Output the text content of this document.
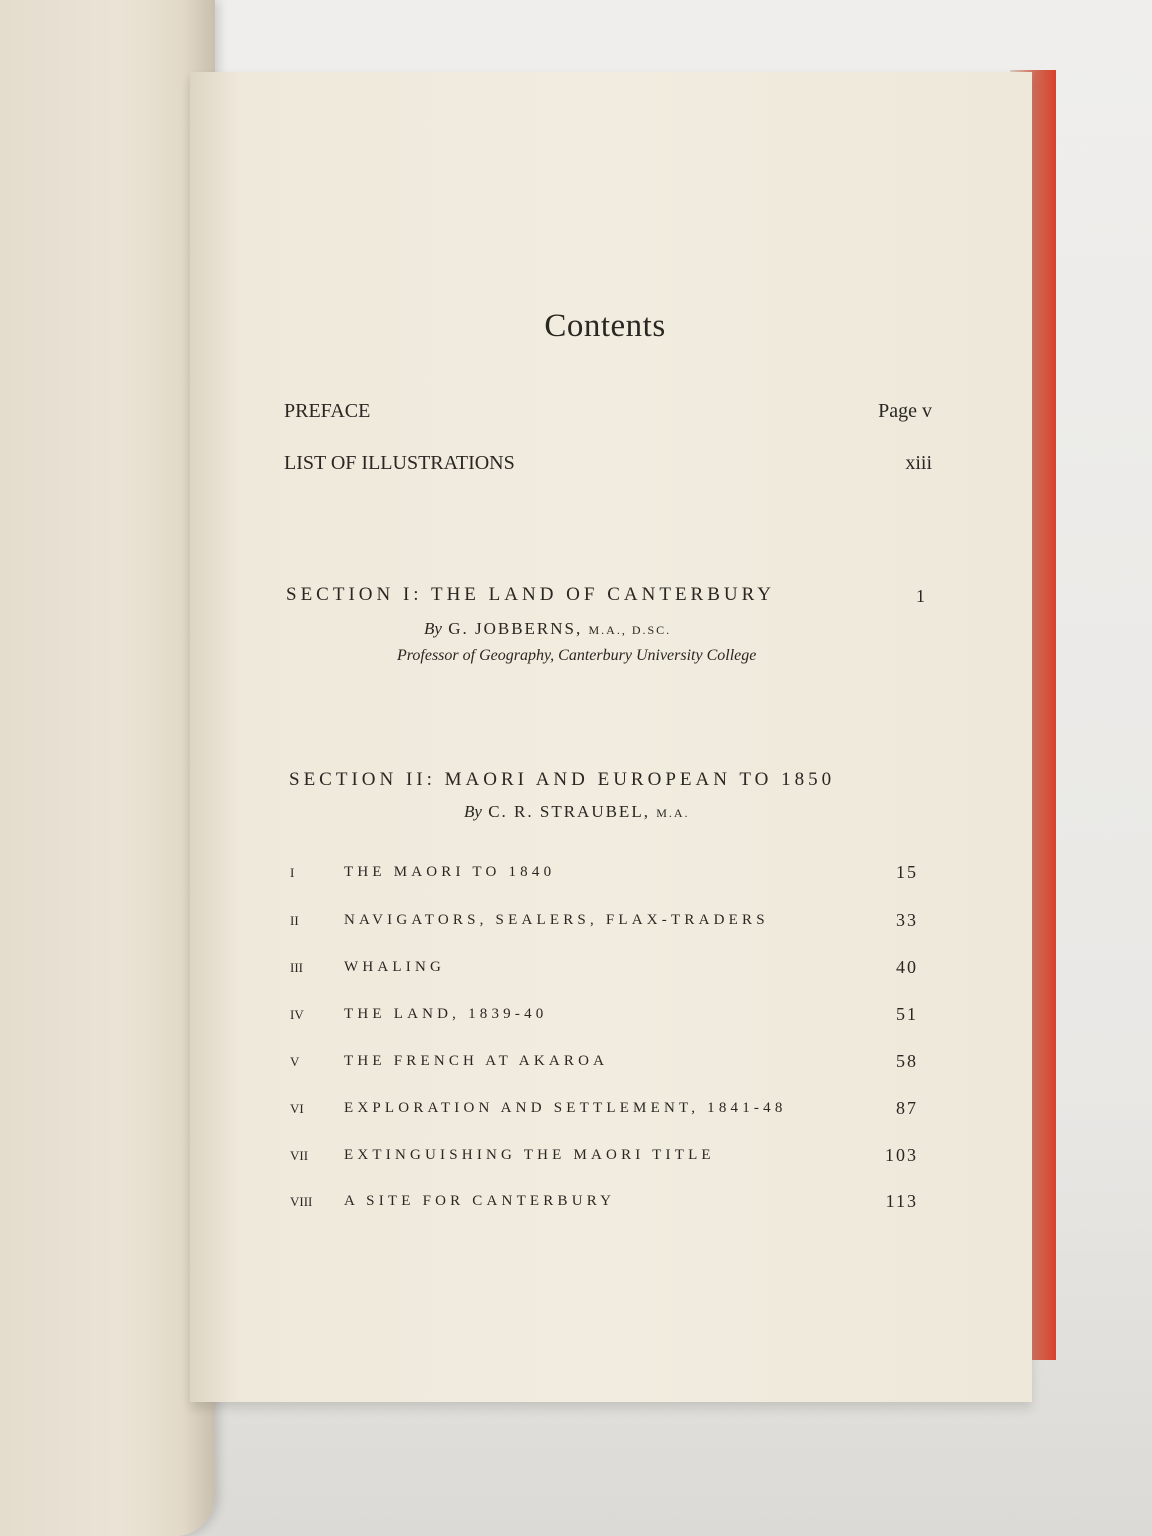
Contents
PREFACE	Page v
LIST OF ILLUSTRATIONS	xiii
SECTION I: THE LAND OF CANTERBURY	1
By G. JOBBERNS, M.A., D.SC.
Professor of Geography, Canterbury University College
SECTION II: MAORI AND EUROPEAN TO 1850
By C. R. STRAUBEL, M.A.
I	THE MAORI TO 1840	15
II	NAVIGATORS, SEALERS, FLAX-TRADERS	33
III	WHALING	40
IV	THE LAND, 1839-40	51
V	THE FRENCH AT AKAROA	58
VI	EXPLORATION AND SETTLEMENT, 1841-48	87
VII EXTINGUISHING THE MAORI TITLE	103
VIII A SITE FOR CANTERBURY	113
